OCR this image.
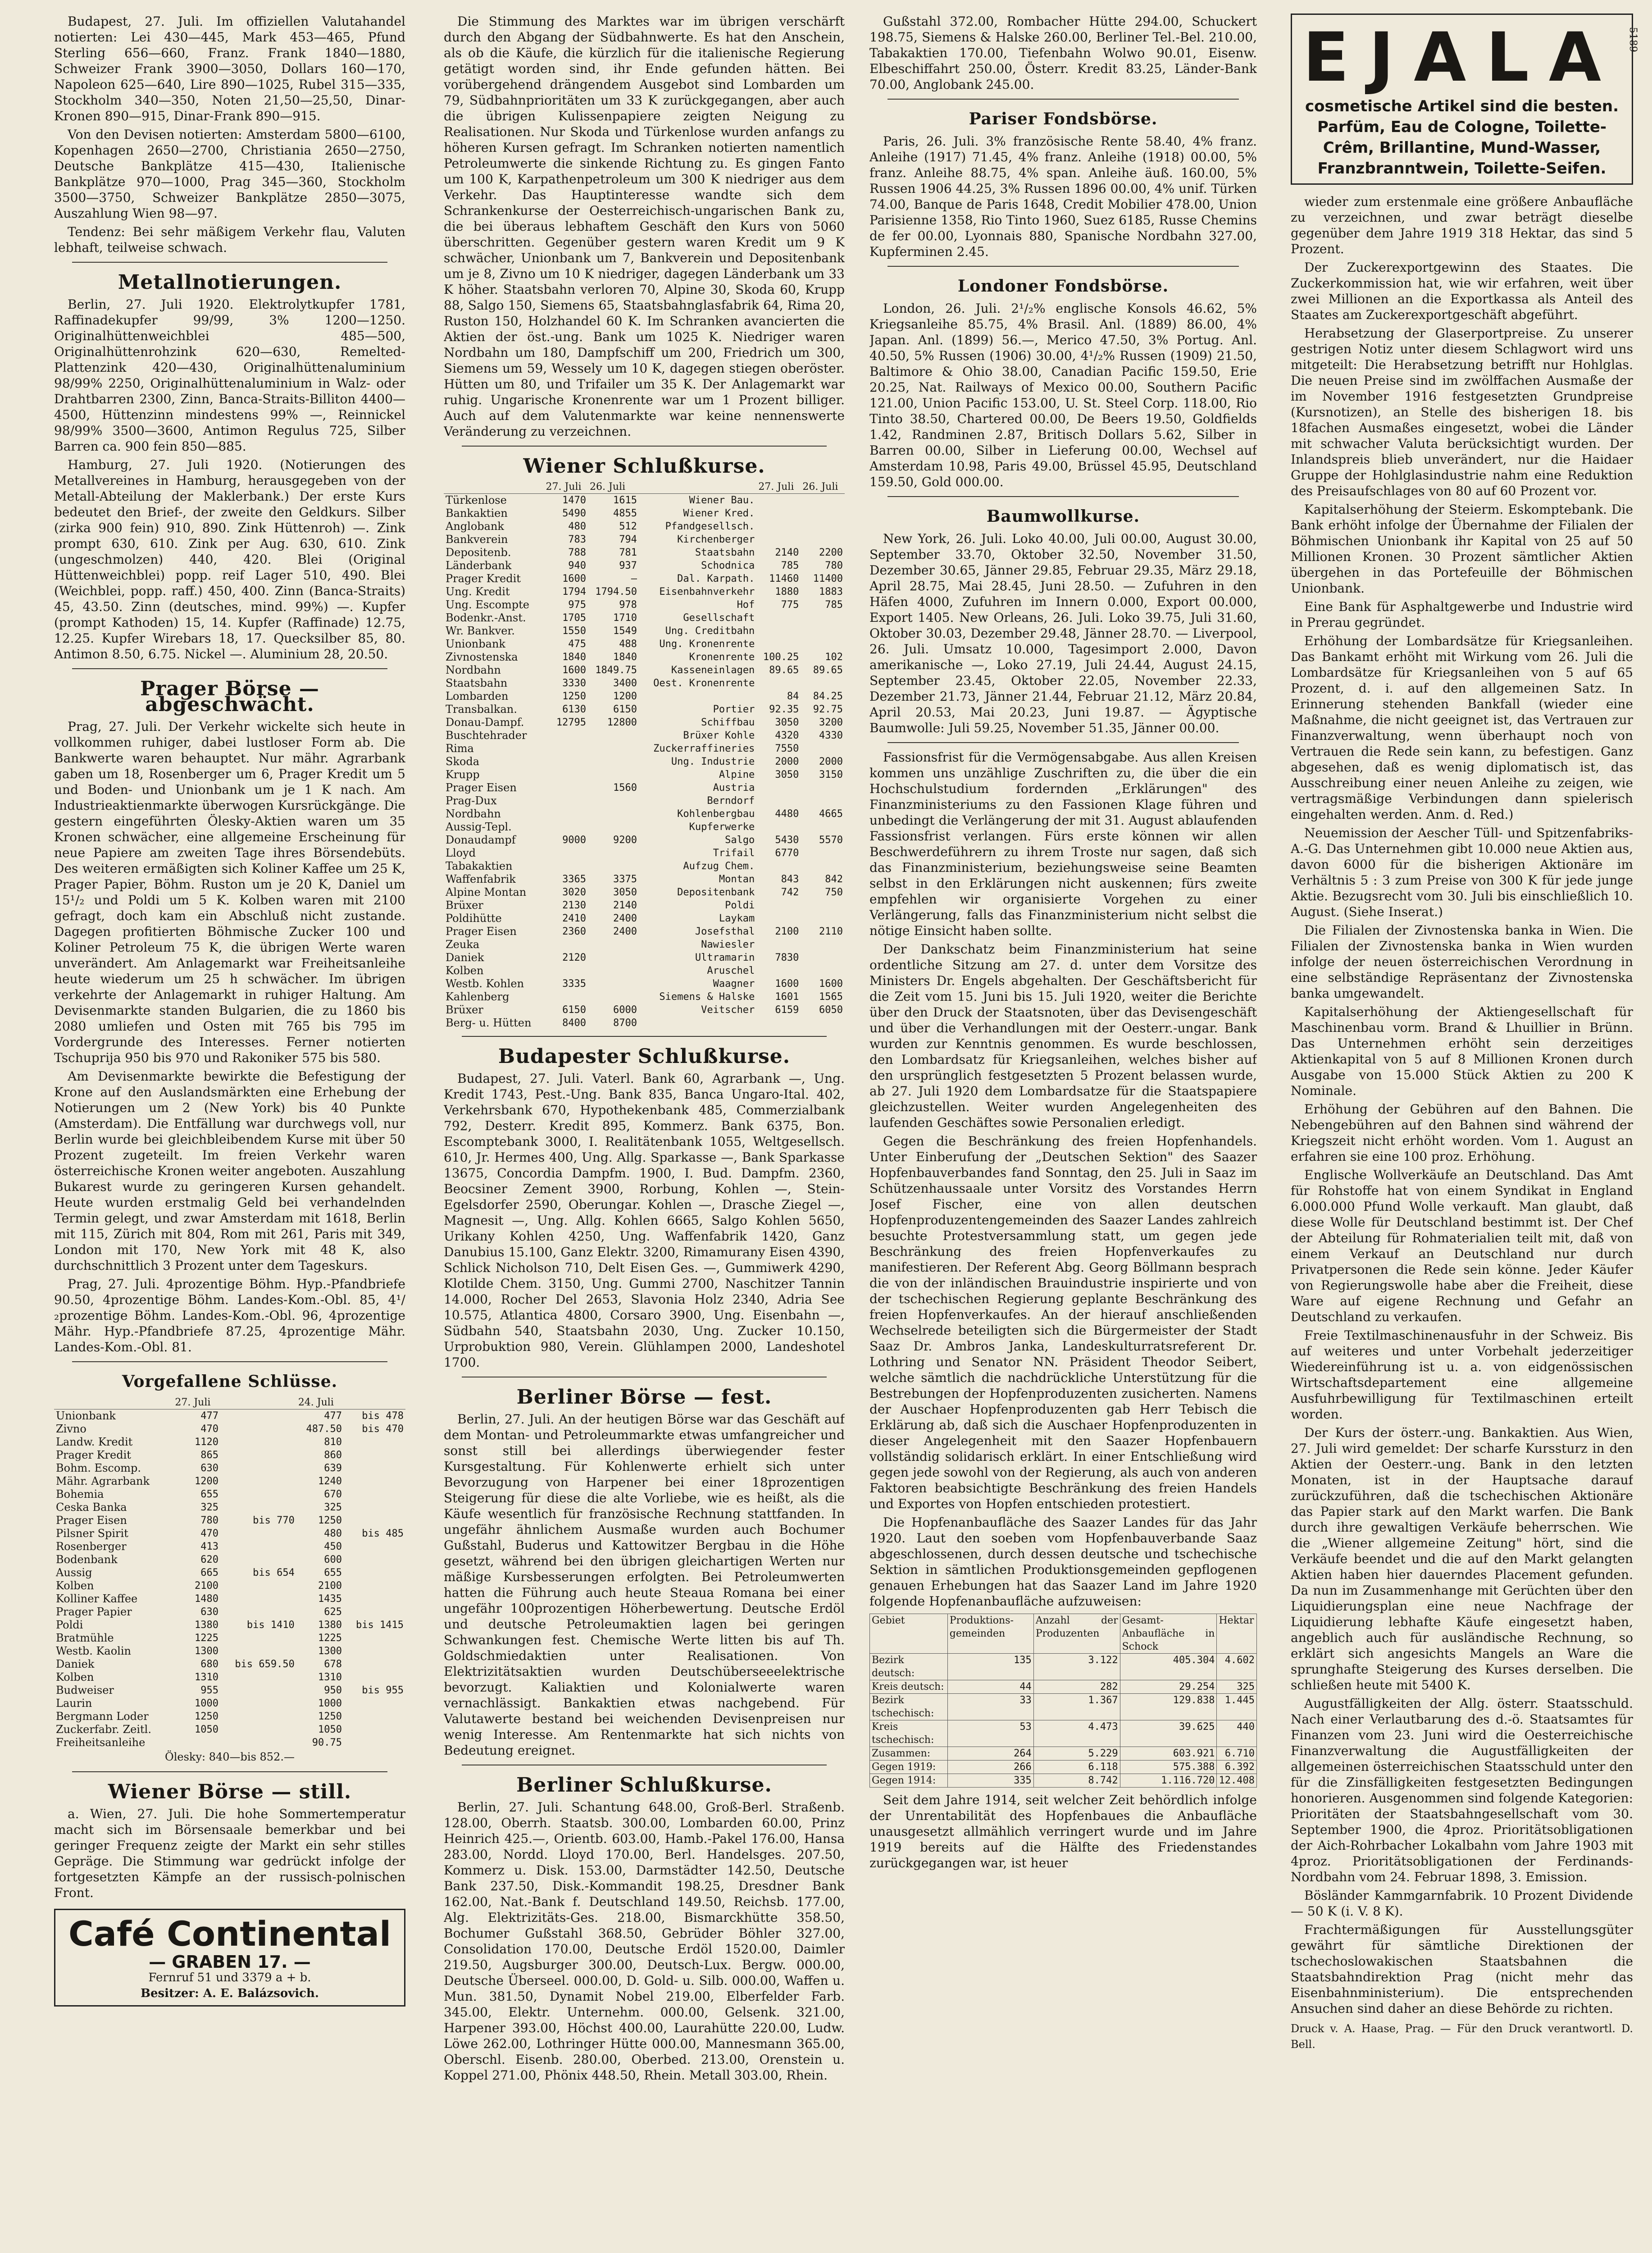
5189

Budapest, 27. Juli. Im offiziellen Valutahandel notierten: Lei 430—445, Mark 453—465, Pfund Sterling 656—660, Franz. Frank 1840—1880, Schweizer Frank 3900—3050, Dollars 160—170, Napoleon 625—640, Lire 890—1025, Rubel 315—335, Stockholm 340—350, Noten 21,50—25,50, Dinar-Kronen 890—915, Dinar-Frank 890—915.

Von den Devisen notierten: Amsterdam 5800—6100, Kopenhagen 2650—2700, Christiania 2650—2750, Deutsche Bankplätze 415—430, Italienische Bankplätze 970—1000, Prag 345—360, Stockholm 3500—3750, Schweizer Bankplätze 2850—3075, Auszahlung Wien 98—97.

Tendenz: Bei sehr mäßigem Verkehr flau, Valuten lebhaft, teilweise schwach.

Metallnotierungen.

Berlin, 27. Juli 1920. Elektrolytkupfer 1781, Raffinadekupfer 99/99, 3% 1200—1250. Originalhüttenweichblei 485—500, Originalhüttenrohzink 620—630, Remelted-Plattenzink 420—430, Originalhüttenaluminium 98/99% 2250, Originalhüttenaluminium in Walz- oder Drahtbarren 2300, Zinn, Banca-Straits-Billiton 4400—4500, Hüttenzinn mindestens 99% —, Reinnickel 98/99% 3500—3600, Antimon Regulus 725, Silber Barren ca. 900 fein 850—885.

Hamburg, 27. Juli 1920. (Notierungen des Metallvereines in Hamburg, herausgegeben von der Metall-Abteilung der Maklerbank.) Der erste Kurs bedeutet den Brief-, der zweite den Geldkurs. Silber (zirka 900 fein) 910, 890. Zink Hüttenroh) —. Zink prompt 630, 610. Zink per Aug. 630, 610. Zink (ungeschmolzen) 440, 420. Blei (Original Hüttenweichblei) popp. reif Lager 510, 490. Blei (Weichblei, popp. raff.) 450, 400. Zinn (Banca-Straits) 45, 43.50. Zinn (deutsches, mind. 99%) —. Kupfer (prompt Kathoden) 15, 14. Kupfer (Raffinade) 12.75, 12.25. Kupfer Wirebars 18, 17. Quecksilber 85, 80. Antimon 8.50, 6.75. Nickel —. Aluminium 28, 20.50.

Prager Börse — abgeschwächt.

Prag, 27. Juli. Der Verkehr wickelte sich heute in vollkommen ruhiger, dabei lustloser Form ab. Die Bankwerte waren behauptet. Nur mähr. Agrarbank gaben um 18, Rosenberger um 6, Prager Kredit um 5 und Boden- und Unionbank um je 1 K nach. Am Industrieaktienmarkte überwogen Kursrückgänge. Die gestern eingeführten Ölesky-Aktien waren um 35 Kronen schwächer, eine allgemeine Erscheinung für neue Papiere am zweiten Tage ihres Börsendebüts. Des weiteren ermäßigten sich Koliner Kaffee um 25 K, Prager Papier, Böhm. Ruston um je 20 K, Daniel um 15¹/₂ und Poldi um 5 K. Kolben waren mit 2100 gefragt, doch kam ein Abschluß nicht zustande. Dagegen profitierten Böhmische Zucker 100 und Koliner Petroleum 75 K, die übrigen Werte waren unverändert. Am Anlagemarkt war Freiheitsanleihe heute wiederum um 25 h schwächer. Im übrigen verkehrte der Anlagemarkt in ruhiger Haltung. Am Devisenmarkte standen Bulgarien, die zu 1860 bis 2080 umliefen und Osten mit 765 bis 795 im Vordergrunde des Interesses. Ferner notierten Tschuprija 950 bis 970 und Rakoniker 575 bis 580.

Am Devisenmarkte bewirkte die Befestigung der Krone auf den Auslandsmärkten eine Erhebung der Notierungen um 2 (New York) bis 40 Punkte (Amsterdam). Die Entfällung war durchwegs voll, nur Berlin wurde bei gleichbleibendem Kurse mit über 50 Prozent zugeteilt. Im freien Verkehr waren österreichische Kronen weiter angeboten. Auszahlung Bukarest wurde zu geringeren Kursen gehandelt. Heute wurden erstmalig Geld bei verhandelnden Termin gelegt, und zwar Amsterdam mit 1618, Berlin mit 115, Zürich mit 804, Rom mit 261, Paris mit 349, London mit 170, New York mit 48 K, also durchschnittlich 3 Prozent unter dem Tageskurs.

Prag, 27. Juli. 4prozentige Böhm. Hyp.-Pfandbriefe 90.50, 4prozentige Böhm. Landes-Kom.-Obl. 85, 4¹/₂prozentige Böhm. Landes-Kom.-Obl. 96, 4prozentige Mähr. Hyp.-Pfandbriefe 87.25, 4prozentige Mähr. Landes-Kom.-Obl. 81.

Vorgefallene Schlüsse.
	27. Juli		24. Juli	
Unionbank	477		477	bis 478
Zivno	470		487.50	bis 470
Landw. Kredit	1120		810	
Prager Kredit	865		860	
Bohm. Escomp.	630		639	
Mähr. Agrarbank	1200		1240	
Bohemia	655		670	
Ceska Banka	325		325	
Prager Eisen	780	bis 770	1250	
Pilsner Spirit	470		480	bis 485
Rosenberger	413		450	
Bodenbank	620		600	
Aussig	665	bis 654	655	
Kolben	2100		2100	
Kolliner Kaffee	1480		1435	
Prager Papier	630		625	
Poldi	1380	bis 1410	1380	bis 1415
Bratmühle	1225		1225	
Westb. Kaolin	1300		1300	
Daniek	680	bis 659.50	678	
Kolben	1310		1310	
Budweiser	955		950	bis 955
Laurin	1000		1000	
Bergmann Loder	1250		1250	
Zuckerfabr. Zeitl.	1050		1050	
Freiheitsanleihe			90.75	
Ölesky: 840—bis 852.—
Wiener Börse — still.

a. Wien, 27. Juli. Die hohe Sommertemperatur macht sich im Börsensaale bemerkbar und bei geringer Frequenz zeigte der Markt ein sehr stilles Gepräge. Die Stimmung war gedrückt infolge der fortgesetzten Kämpfe an der russisch-polnischen Front.

Café Continental
— GRABEN 17. —
Fernruf 51 und 3379 a + b.
Besitzer: A. E. Balázsovich.

Die Stimmung des Marktes war im übrigen verschärft durch den Abgang der Südbahnwerte. Es hat den Anschein, als ob die Käufe, die kürzlich für die italienische Regierung getätigt worden sind, ihr Ende gefunden hätten. Bei vorübergehend drängendem Ausgebot sind Lombarden um 79, Südbahnprioritäten um 33 K zurückgegangen, aber auch die übrigen Kulissenpapiere zeigten Neigung zu Realisationen. Nur Skoda und Türkenlose wurden anfangs zu höheren Kursen gefragt. Im Schranken notierten namentlich Petroleumwerte die sinkende Richtung zu. Es gingen Fanto um 100 K, Karpathenpetroleum um 300 K niedriger aus dem Verkehr. Das Hauptinteresse wandte sich dem Schrankenkurse der Oesterreichisch-ungarischen Bank zu, die bei überaus lebhaftem Geschäft den Kurs von 5060 überschritten. Gegenüber gestern waren Kredit um 9 K schwächer, Unionbank um 7, Bankverein und Depositenbank um je 8, Zivno um 10 K niedriger, dagegen Länderbank um 33 K höher. Staatsbahn verloren 70, Alpine 30, Skoda 60, Krupp 88, Salgo 150, Siemens 65, Staatsbahnglasfabrik 64, Rima 20, Ruston 150, Holzhandel 60 K. Im Schranken avancierten die Aktien der öst.-ung. Bank um 1025 K. Niedriger waren Nordbahn um 180, Dampfschiff um 200, Friedrich um 300, Siemens um 59, Wessely um 10 K, dagegen stiegen oberöster. Hütten um 80, und Trifailer um 35 K. Der Anlagemarkt war ruhig. Ungarische Kronenrente war um 1 Prozent billiger. Auch auf dem Valutenmarkte war keine nennenswerte Veränderung zu verzeichnen.

Wiener Schlußkurse.
	27. Juli	26. Juli		27. Juli	26. Juli
Türkenlose	1470	1615	Wiener Bau.		
Bankaktien	5490	4855	Wiener Kred.		
Anglobank	480	512	Pfandgesellsch.		
Bankverein	783	794	Kirchenberger		
Depositenb.	788	781	Staatsbahn	2140	2200
Länderbank	940	937	Schodnica	785	780
Prager Kredit	1600	—	Dal. Karpath.	11460	11400
Ung. Kredit	1794	1794.50	Eisenbahnverkehr	1880	1883
Ung. Escompte	975	978	Hof	775	785
Bodenkr.-Anst.	1705	1710	Gesellschaft		
Wr. Bankver.	1550	1549	Ung. Creditbahn		
Unionbank	475	488	Ung. Kronenrente		
Zivnostenska	1840	1840	Kronenrente	100.25	102
Nordbahn	1600	1849.75	Kasseneinlagen	89.65	89.65
Staatsbahn	3330	3400	Oest. Kronenrente		
Lombarden	1250	1200		84	84.25
Transbalkan.	6130	6150	Portier	92.35	92.75
Donau-Dampf.	12795	12800	Schiffbau	3050	3200
Buschtehrader			Brüxer Kohle	4320	4330
Rima			Zuckerraffineries	7550	
Skoda			Ung. Industrie	2000	2000
Krupp			Alpine	3050	3150
Prager Eisen		1560	Austria		
Prag-Dux			Berndorf		
Nordbahn			Kohlenbergbau	4480	4665
Aussig-Tepl.			Kupferwerke		
Donaudampf	9000	9200	Salgo	5430	5570
Lloyd			Trifail	6770	
Tabakaktien			Aufzug Chem.		
Waffenfabrik	3365	3375	Montan	843	842
Alpine Montan	3020	3050	Depositenbank	742	750
Brüxer	2130	2140	Poldi		
Poldihütte	2410	2400	Laykam		
Prager Eisen	2360	2400	Josefsthal	2100	2110
Zeuka			Nawiesler		
Daniek	2120		Ultramarin	7830	
Kolben			Aruschel		
Westb. Kohlen	3335		Waagner	1600	1600
Kahlenberg			Siemens & Halske	1601	1565
Brüxer	6150	6000	Veitscher	6159	6050
Berg- u. Hütten	8400	8700			
Budapester Schlußkurse.

Budapest, 27. Juli. Vaterl. Bank 60, Agrarbank —, Ung. Kredit 1743, Pest.-Ung. Bank 835, Banca Ungaro-Ital. 402, Verkehrsbank 670, Hypothekenbank 485, Commerzialbank 792, Desterr. Kredit 895, Kommerz. Bank 6375, Bon. Escomptebank 3000, I. Realitätenbank 1055, Weltgesellsch. 610, Jr. Hermes 400, Ung. Allg. Sparkasse —, Bank Sparkasse 13675, Concordia Dampfm. 1900, I. Bud. Dampfm. 2360, Beocsiner Zement 3900, Rorbung, Kohlen —, Stein-Egelsdorfer 2590, Oberungar. Kohlen —, Drasche Ziegel —, Magnesit —, Ung. Allg. Kohlen 6665, Salgo Kohlen 5650, Urikany Kohlen 4250, Ung. Waffenfabrik 1420, Ganz Danubius 15.100, Ganz Elektr. 3200, Rimamurany Eisen 4390, Schlick Nicholson 710, Delt Eisen Ges. —, Gummiwerk 4290, Klotilde Chem. 3150, Ung. Gummi 2700, Naschitzer Tannin 14.000, Rocher Del 2653, Slavonia Holz 2340, Adria See 10.575, Atlantica 4800, Corsaro 3900, Ung. Eisenbahn —, Südbahn 540, Staatsbahn 2030, Ung. Zucker 10.150, Urprobuktion 980, Verein. Glühlampen 2000, Landeshotel 1700.

Berliner Börse — fest.

Berlin, 27. Juli. An der heutigen Börse war das Geschäft auf dem Montan- und Petroleummarkte etwas umfangreicher und sonst still bei allerdings überwiegender fester Kursgestaltung. Für Kohlenwerte erhielt sich unter Bevorzugung von Harpener bei einer 18prozentigen Steigerung für diese die alte Vorliebe, wie es heißt, als die Käufe wesentlich für französische Rechnung stattfanden. In ungefähr ähnlichem Ausmaße wurden auch Bochumer Gußstahl, Buderus und Kattowitzer Bergbau in die Höhe gesetzt, während bei den übrigen gleichartigen Werten nur mäßige Kursbesserungen erfolgten. Bei Petroleumwerten hatten die Führung auch heute Steaua Romana bei einer ungefähr 100prozentigen Höherbewertung. Deutsche Erdöl und deutsche Petroleumaktien lagen bei geringen Schwankungen fest. Chemische Werte litten bis auf Th. Goldschmiedaktien unter Realisationen. Von Elektrizitätsaktien wurden Deutschüberseeelektrische bevorzugt. Kaliaktien und Kolonialwerte waren vernachlässigt. Bankaktien etwas nachgebend. Für Valutawerte bestand bei weichenden Devisenpreisen nur wenig Interesse. Am Rentenmarkte hat sich nichts von Bedeutung ereignet.

Berliner Schlußkurse.

Berlin, 27. Juli. Schantung 648.00, Groß-Berl. Straßenb. 128.00, Oberrh. Staatsb. 300.00, Lombarden 60.00, Prinz Heinrich 425.—, Orientb. 603.00, Hamb.-Pakel 176.00, Hansa 283.00, Nordd. Lloyd 170.00, Berl. Handelsges. 207.50, Kommerz u. Disk. 153.00, Darmstädter 142.50, Deutsche Bank 237.50, Disk.-Kommandit 198.25, Dresdner Bank 162.00, Nat.-Bank f. Deutschland 149.50, Reichsb. 177.00, Alg. Elektrizitäts-Ges. 218.00, Bismarckhütte 358.50, Bochumer Gußstahl 368.50, Gebrüder Böhler 327.00, Consolidation 170.00, Deutsche Erdöl 1520.00, Daimler 219.50, Augsburger 300.00, Deutsch-Lux. Bergw. 000.00, Deutsche Überseel. 000.00, D. Gold- u. Silb. 000.00, Waffen u. Mun. 381.50, Dynamit Nobel 219.00, Elberfelder Farb. 345.00, Elektr. Unternehm. 000.00, Gelsenk. 321.00, Harpener 393.00, Höchst 400.00, Laurahütte 220.00, Ludw. Löwe 262.00, Lothringer Hütte 000.00, Mannesmann 365.00, Oberschl. Eisenb. 280.00, Oberbed. 213.00, Orenstein u. Koppel 271.00, Phönix 448.50, Rhein. Metall 303.00, Rhein.

Gußstahl 372.00, Rombacher Hütte 294.00, Schuckert 198.75, Siemens & Halske 260.00, Berliner Tel.-Bel. 210.00, Tabakaktien 170.00, Tiefenbahn Wolwo 90.01, Eisenw. Elbeschiffahrt 250.00, Österr. Kredit 83.25, Länder-Bank 70.00, Anglobank 245.00.

Pariser Fondsbörse.

Paris, 26. Juli. 3% französische Rente 58.40, 4% franz. Anleihe (1917) 71.45, 4% franz. Anleihe (1918) 00.00, 5% franz. Anleihe 88.75, 4% span. Anleihe äuß. 160.00, 5% Russen 1906 44.25, 3% Russen 1896 00.00, 4% unif. Türken 74.00, Banque de Paris 1648, Credit Mobilier 478.00, Union Parisienne 1358, Rio Tinto 1960, Suez 6185, Russe Chemins de fer 00.00, Lyonnais 880, Spanische Nordbahn 327.00, Kupferminen 2.45.

Londoner Fondsbörse.

London, 26. Juli. 2¹/₂% englische Konsols 46.62, 5% Kriegsanleihe 85.75, 4% Brasil. Anl. (1889) 86.00, 4% Japan. Anl. (1899) 56.—, Merico 47.50, 3% Portug. Anl. 40.50, 5% Russen (1906) 30.00, 4¹/₂% Russen (1909) 21.50, Baltimore & Ohio 38.00, Canadian Pacific 159.50, Erie 20.25, Nat. Railways of Mexico 00.00, Southern Pacific 121.00, Union Pacific 153.00, U. St. Steel Corp. 118.00, Rio Tinto 38.50, Chartered 00.00, De Beers 19.50, Goldfields 1.42, Randminen 2.87, Britisch Dollars 5.62, Silber in Barren 00.00, Silber in Lieferung 00.00, Wechsel auf Amsterdam 10.98, Paris 49.00, Brüssel 45.95, Deutschland 159.50, Gold 000.00.

Baumwollkurse.

New York, 26. Juli. Loko 40.00, Juli 00.00, August 30.00, September 33.70, Oktober 32.50, November 31.50, Dezember 30.65, Jänner 29.85, Februar 29.35, März 29.18, April 28.75, Mai 28.45, Juni 28.50. — Zufuhren in den Häfen 4000, Zufuhren im Innern 0.000, Export 00.000, Export 1405. New Orleans, 26. Juli. Loko 39.75, Juli 31.60, Oktober 30.03, Dezember 29.48, Jänner 28.70. — Liverpool, 26. Juli. Umsatz 10.000, Tagesimport 2.000, Davon amerikanische —, Loko 27.19, Juli 24.44, August 24.15, September 23.45, Oktober 22.05, November 22.33, Dezember 21.73, Jänner 21.44, Februar 21.12, März 20.84, April 20.53, Mai 20.23, Juni 19.87. — Ägyptische Baumwolle: Juli 59.25, November 51.35, Jänner 00.00.

Fassionsfrist für die Vermögensabgabe. Aus allen Kreisen kommen uns unzählige Zuschriften zu, die über die ein Hochschulstudium fordernden „Erklärungen" des Finanzministeriums zu den Fassionen Klage führen und unbedingt die Verlängerung der mit 31. August ablaufenden Fassionsfrist verlangen. Fürs erste können wir allen Beschwerdeführern zu ihrem Troste nur sagen, daß sich das Finanzministerium, beziehungsweise seine Beamten selbst in den Erklärungen nicht auskennen; fürs zweite empfehlen wir organisierte Vorgehen zu einer Verlängerung, falls das Finanzministerium nicht selbst die nötige Einsicht haben sollte.

Der Dankschatz beim Finanzministerium hat seine ordentliche Sitzung am 27. d. unter dem Vorsitze des Ministers Dr. Engels abgehalten. Der Geschäftsbericht für die Zeit vom 15. Juni bis 15. Juli 1920, weiter die Berichte über den Druck der Staatsnoten, über das Devisengeschäft und über die Verhandlungen mit der Oesterr.-ungar. Bank wurden zur Kenntnis genommen. Es wurde beschlossen, den Lombardsatz für Kriegsanleihen, welches bisher auf den ursprünglich festgesetzten 5 Prozent belassen wurde, ab 27. Juli 1920 dem Lombardsatze für die Staatspapiere gleichzustellen. Weiter wurden Angelegenheiten des laufenden Geschäftes sowie Personalien erledigt.

Gegen die Beschränkung des freien Hopfenhandels. Unter Einberufung der „Deutschen Sektion" des Saazer Hopfenbauverbandes fand Sonntag, den 25. Juli in Saaz im Schützenhaussaale unter Vorsitz des Vorstandes Herrn Josef Fischer, eine von allen deutschen Hopfenproduzentengemeinden des Saazer Landes zahlreich besuchte Protestversammlung statt, um gegen jede Beschränkung des freien Hopfenverkaufes zu manifestieren. Der Referent Abg. Georg Böllmann besprach die von der inländischen Brauindustrie inspirierte und von der tschechischen Regierung geplante Beschränkung des freien Hopfenverkaufes. An der hierauf anschließenden Wechselrede beteiligten sich die Bürgermeister der Stadt Saaz Dr. Ambros Janka, Landeskulturratsreferent Dr. Lothring und Senator NN. Präsident Theodor Seibert, welche sämtlich die nachdrückliche Unterstützung für die Bestrebungen der Hopfenproduzenten zusicherten. Namens der Auschaer Hopfenproduzenten gab Herr Tebisch die Erklärung ab, daß sich die Auschaer Hopfenproduzenten in dieser Angelegenheit mit den Saazer Hopfenbauern vollständig solidarisch erklärt. In einer Entschließung wird gegen jede sowohl von der Regierung, als auch von anderen Faktoren beabsichtigte Beschränkung des freien Handels und Exportes von Hopfen entschieden protestiert.

Die Hopfenanbaufläche des Saazer Landes für das Jahr 1920. Laut den soeben vom Hopfenbauverbande Saaz abgeschlossenen, durch dessen deutsche und tschechische Sektion in sämtlichen Produktionsgemeinden gepflogenen genauen Erhebungen hat das Saazer Land im Jahre 1920 folgende Hopfenanbaufläche aufzuweisen:

Gebiet	Produktions-gemeinden	Anzahl der Produzenten	Gesamt-Anbaufläche in Schock	Hektar
Bezirk deutsch:	135	3.122	405.304	4.602
Kreis deutsch:	44	282	29.254	325
Bezirk tschechisch:	33	1.367	129.838	1.445
Kreis tschechisch:	53	4.473	39.625	440
Zusammen:	264	5.229	603.921	6.710
Gegen 1919:	266	6.118	575.388	6.392
Gegen 1914:	335	8.742	1.116.720	12.408

Seit dem Jahre 1914, seit welcher Zeit behördlich infolge der Unrentabilität des Hopfenbaues die Anbaufläche unausgesetzt allmählich verringert wurde und im Jahre 1919 bereits auf die Hälfte des Friedenstandes zurückgegangen war, ist heuer

EJALA
cosmetische Artikel sind die besten.
Parfüm, Eau de Cologne, Toilette-
Crêm, Brillantine, Mund-Wasser,
Franzbranntwein, Toilette-Seifen.

wieder zum erstenmale eine größere Anbaufläche zu verzeichnen, und zwar beträgt dieselbe gegenüber dem Jahre 1919 318 Hektar, das sind 5 Prozent.

Der Zuckerexportgewinn des Staates. Die Zuckerkommission hat, wie wir erfahren, weit über zwei Millionen an die Exportkassa als Anteil des Staates am Zuckerexportgeschäft abgeführt.

Herabsetzung der Glaserportpreise. Zu unserer gestrigen Notiz unter diesem Schlagwort wird uns mitgeteilt: Die Herabsetzung betrifft nur Hohlglas. Die neuen Preise sind im zwölffachen Ausmaße der im November 1916 festgesetzten Grundpreise (Kursnotizen), an Stelle des bisherigen 18. bis 18fachen Ausmaßes eingesetzt, wobei die Länder mit schwacher Valuta berücksichtigt wurden. Der Inlandspreis blieb unverändert, nur die Haidaer Gruppe der Hohlglasindustrie nahm eine Reduktion des Preisaufschlages von 80 auf 60 Prozent vor.

Kapitalserhöhung der Steierm. Eskomptebank. Die Bank erhöht infolge der Übernahme der Filialen der Böhmischen Unionbank ihr Kapital von 25 auf 50 Millionen Kronen. 30 Prozent sämtlicher Aktien übergehen in das Portefeuille der Böhmischen Unionbank.

Eine Bank für Asphaltgewerbe und Industrie wird in Prerau gegründet.

Erhöhung der Lombardsätze für Kriegsanleihen. Das Bankamt erhöht mit Wirkung vom 26. Juli die Lombardsätze für Kriegsanleihen von 5 auf 65 Prozent, d. i. auf den allgemeinen Satz. In Erinnerung stehenden Bankfall (wieder eine Maßnahme, die nicht geeignet ist, das Vertrauen zur Finanzverwaltung, wenn überhaupt noch von Vertrauen die Rede sein kann, zu befestigen. Ganz abgesehen, daß es wenig diplomatisch ist, das Ausschreibung einer neuen Anleihe zu zeigen, wie vertragsmäßige Verbindungen dann spielerisch eingehalten werden. Anm. d. Red.)

Neuemission der Aescher Tüll- und Spitzenfabriks-A.-G. Das Unternehmen gibt 10.000 neue Aktien aus, davon 6000 für die bisherigen Aktionäre im Verhältnis 5 : 3 zum Preise von 300 K für jede junge Aktie. Bezugsrecht vom 30. Juli bis einschließlich 10. August. (Siehe Inserat.)

Die Filialen der Zivnostenska banka in Wien. Die Filialen der Zivnostenska banka in Wien wurden infolge der neuen österreichischen Verordnung in eine selbständige Repräsentanz der Zivnostenska banka umgewandelt.

Kapitalserhöhung der Aktiengesellschaft für Maschinenbau vorm. Brand & Lhuillier in Brünn. Das Unternehmen erhöht sein derzeitiges Aktienkapital von 5 auf 8 Millionen Kronen durch Ausgabe von 15.000 Stück Aktien zu 200 K Nominale.

Erhöhung der Gebühren auf den Bahnen. Die Nebengebühren auf den Bahnen sind während der Kriegszeit nicht erhöht worden. Vom 1. August an erfahren sie eine 100 proz. Erhöhung.

Englische Wollverkäufe an Deutschland. Das Amt für Rohstoffe hat von einem Syndikat in England 6.000.000 Pfund Wolle verkauft. Man glaubt, daß diese Wolle für Deutschland bestimmt ist. Der Chef der Abteilung für Rohmaterialien teilt mit, daß von einem Verkauf an Deutschland nur durch Privatpersonen die Rede sein könne. Jeder Käufer von Regierungswolle habe aber die Freiheit, diese Ware auf eigene Rechnung und Gefahr an Deutschland zu verkaufen.

Freie Textilmaschinenausfuhr in der Schweiz. Bis auf weiteres und unter Vorbehalt jederzeitiger Wiedereinführung ist u. a. von eidgenössischen Wirtschaftsdepartement eine allgemeine Ausfuhrbewilligung für Textilmaschinen erteilt worden.

Der Kurs der österr.-ung. Bankaktien. Aus Wien, 27. Juli wird gemeldet: Der scharfe Kurssturz in den Aktien der Oesterr.-ung. Bank in den letzten Monaten, ist in der Hauptsache darauf zurückzuführen, daß die tschechischen Aktionäre das Papier stark auf den Markt warfen. Die Bank durch ihre gewaltigen Verkäufe beherrschen. Wie die „Wiener allgemeine Zeitung" hört, sind die Verkäufe beendet und die auf den Markt gelangten Aktien haben hier dauerndes Placement gefunden. Da nun im Zusammenhange mit Gerüchten über den Liquidierungsplan eine neue Nachfrage der Liquidierung lebhafte Käufe eingesetzt haben, angeblich auch für ausländische Rechnung, so erklärt sich angesichts Mangels an Ware die sprunghafte Steigerung des Kurses derselben. Die schließen heute mit 5400 K.

Augustfälligkeiten der Allg. österr. Staatsschuld. Nach einer Verlautbarung des d.-ö. Staatsamtes für Finanzen vom 23. Juni wird die Oesterreichische Finanzverwaltung die Augustfälligkeiten der allgemeinen österreichischen Staatsschuld unter den für die Zinsfälligkeiten festgesetzten Bedingungen honorieren. Ausgenommen sind folgende Kategorien: Prioritäten der Staatsbahngesellschaft vom 30. September 1900, die 4proz. Prioritätsobligationen der Aich-Rohrbacher Lokalbahn vom Jahre 1903 mit 4proz. Prioritätsobligationen der Ferdinands-Nordbahn vom 24. Februar 1898, 3. Emission.

Bösländer Kammgarnfabrik. 10 Prozent Dividende — 50 K (i. V. 8 K).

Frachtermäßigungen für Ausstellungsgüter gewährt für sämtliche Direktionen der tschechoslowakischen Staatsbahnen die Staatsbahndirektion Prag (nicht mehr das Eisenbahnministerium). Die entsprechenden Ansuchen sind daher an diese Behörde zu richten.

Druck v. A. Haase, Prag. — Für den Druck verantwortl. D. Bell.
